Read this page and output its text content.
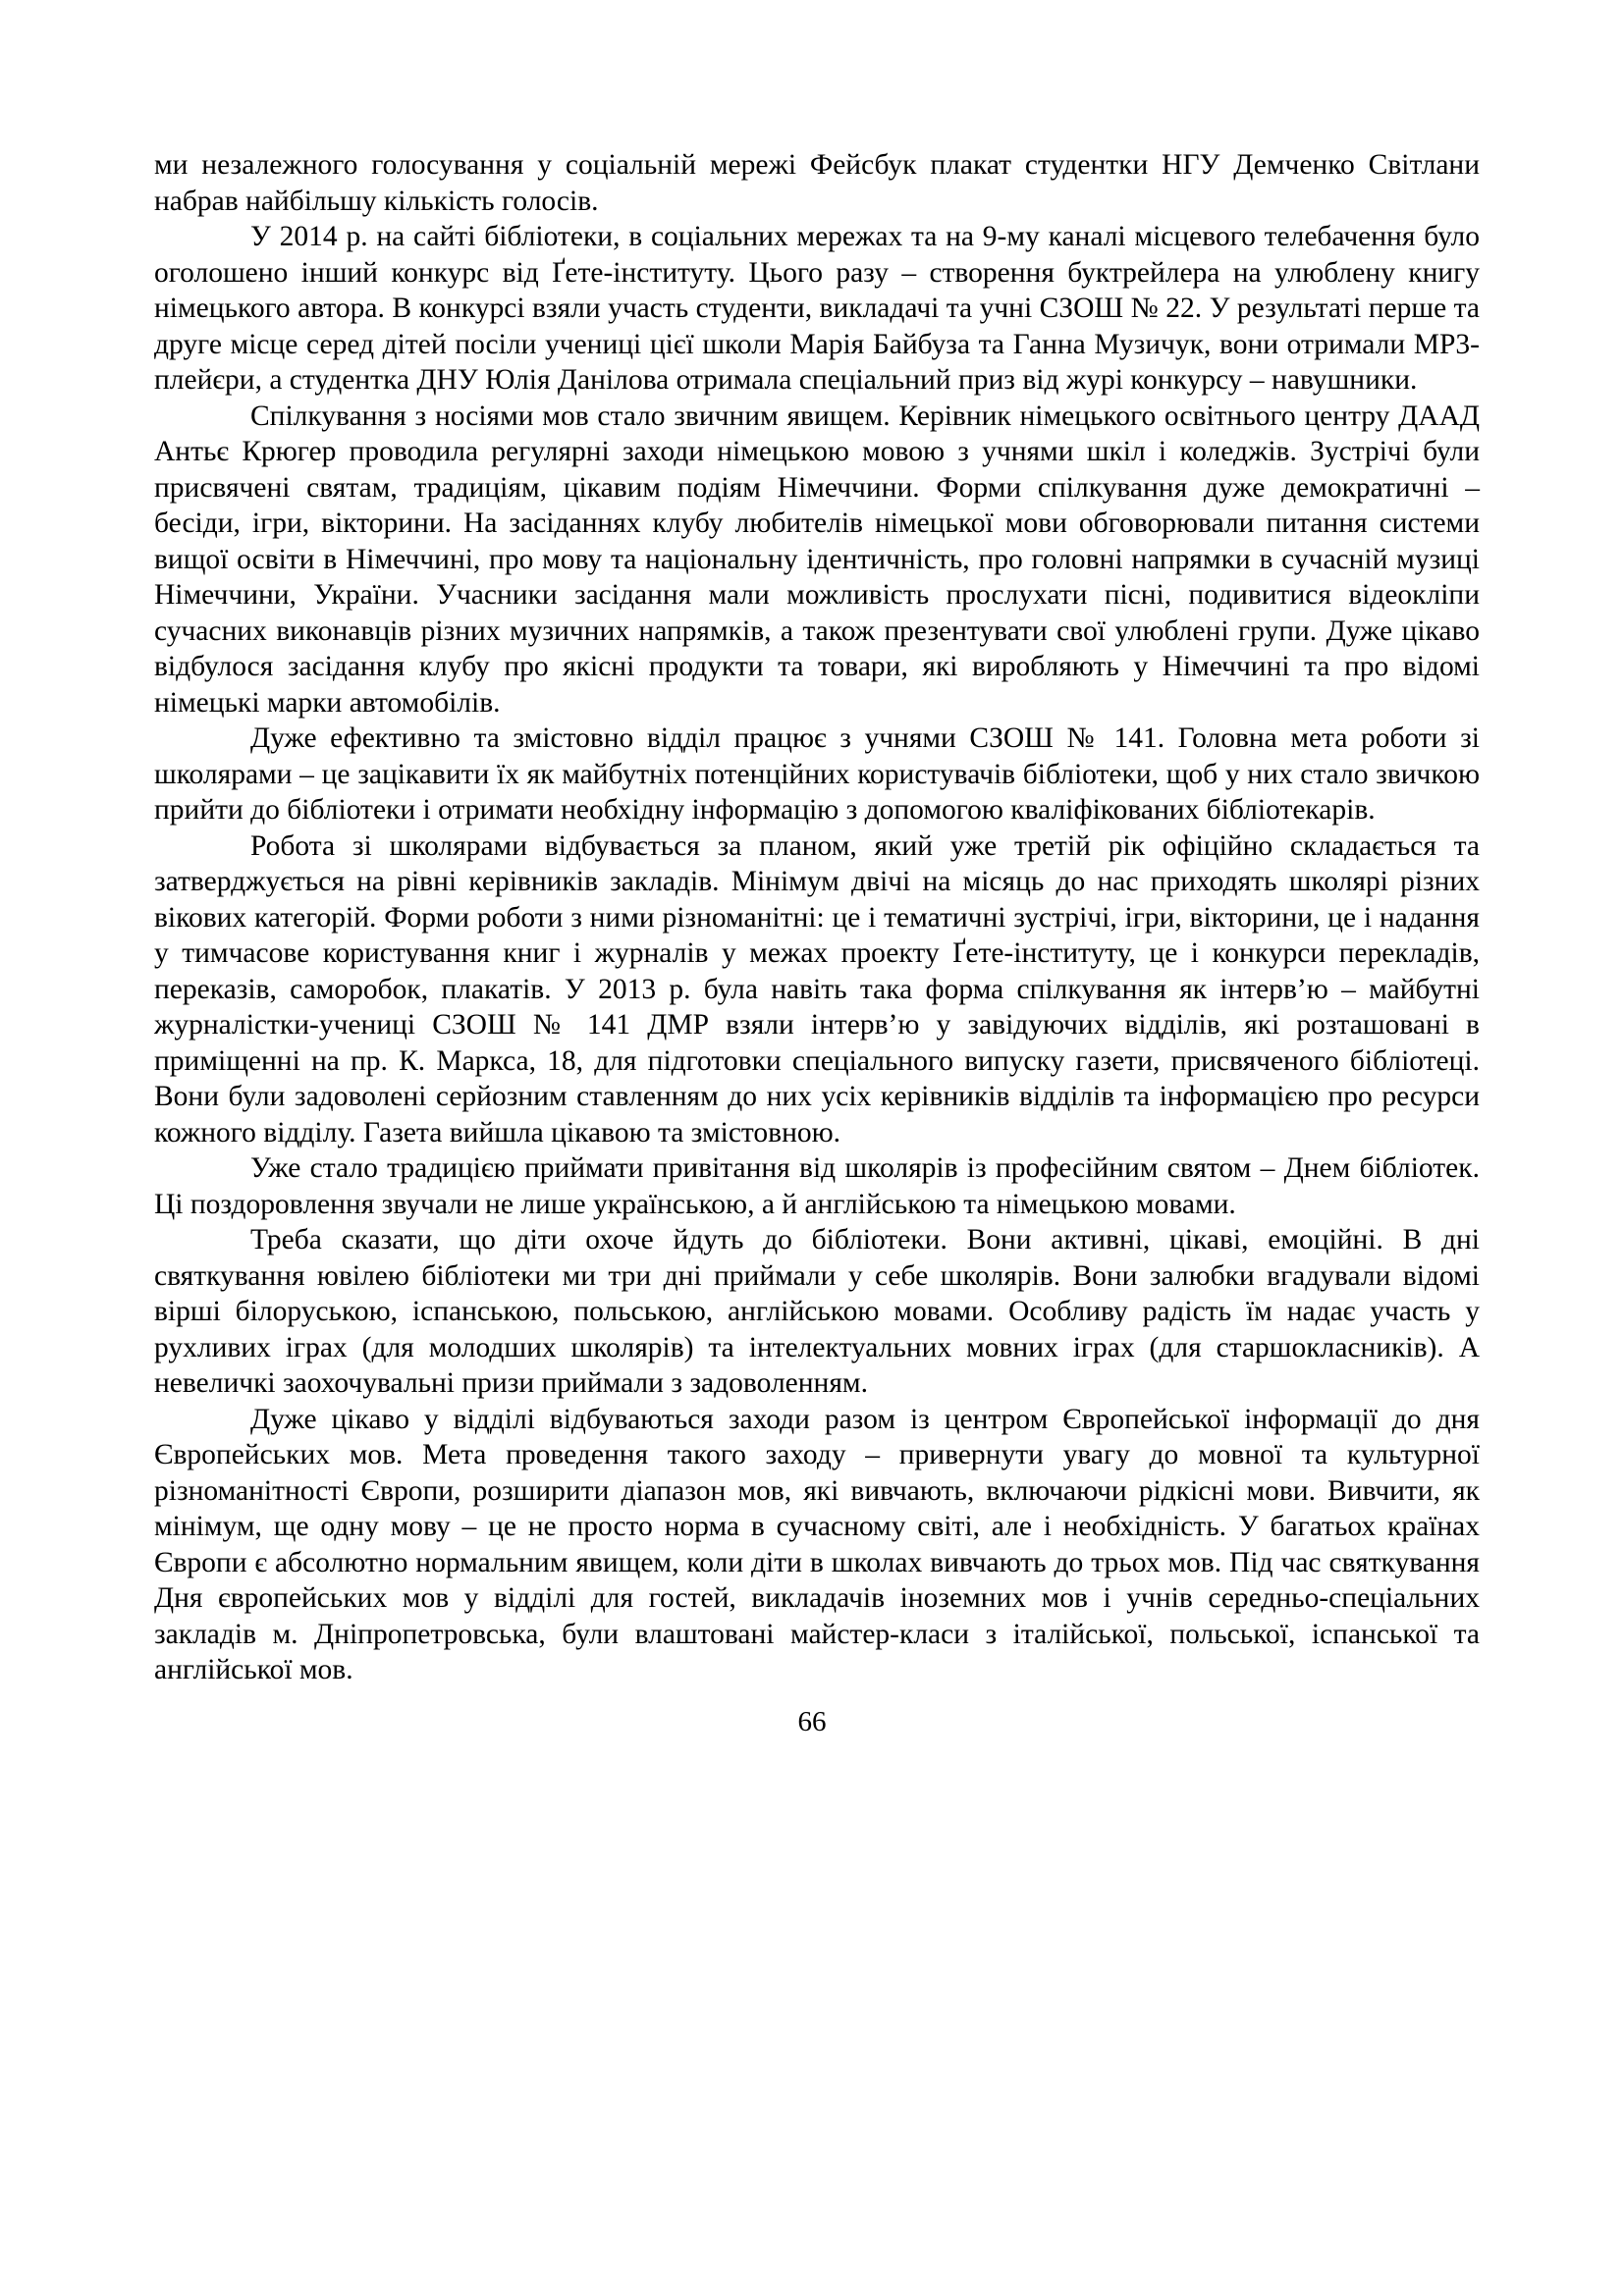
ми незалежного голосування у соціальній мережі Фейсбук плакат студентки НГУ Демченко Світлани набрав найбільшу кількість голосів.

У 2014 р. на сайті бібліотеки, в соціальних мережах та на 9-му каналі місцевого телебачення було оголошено інший конкурс від Ґете-інституту. Цього разу – створення буктрейлера на улюблену книгу німецького автора. В конкурсі взяли участь студенти, викладачі та учні СЗОШ № 22. У результаті перше та друге місце серед дітей посіли учениці цієї школи Марія Байбуза та Ганна Музичук, вони отримали МР3-плейєри, а студентка ДНУ Юлія Данілова отримала спеціальний приз від журі конкурсу – навушники.

Спілкування з носіями мов стало звичним явищем. Керівник німецького освітнього центру ДААД Антьє Крюгер проводила регулярні заходи німецькою мовою з учнями шкіл і коледжів. Зустрічі були присвячені святам, традиціям, цікавим подіям Німеччини. Форми спілкування дуже демократичні – бесіди, ігри, вікторини. На засіданнях клубу любителів німецької мови обговорювали питання системи вищої освіти в Німеччині, про мову та національну ідентичність, про головні напрямки в сучасній музиці Німеччини, України. Учасники засідання мали можливість прослухати пісні, подивитися відеокліпи сучасних виконавців різних музичних напрямків, а також презентувати свої улюблені групи. Дуже цікаво відбулося засідання клубу про якісні продукти та товари, які виробляють у Німеччині та про відомі німецькі марки автомобілів.

Дуже ефективно та змістовно відділ працює з учнями СЗОШ № 141. Головна мета роботи зі школярами – це зацікавити їх як майбутніх потенційних користувачів бібліотеки, щоб у них стало звичкою прийти до бібліотеки і отримати необхідну інформацію з допомогою кваліфікованих бібліотекарів.

Робота зі школярами відбувається за планом, який уже третій рік офіційно складається та затверджується на рівні керівників закладів. Мінімум двічі на місяць до нас приходять школярі різних вікових категорій. Форми роботи з ними різноманітні: це і тематичні зустрічі, ігри, вікторини, це і надання у тимчасове користування книг і журналів у межах проекту Ґете-інституту, це і конкурси перекладів, переказів, саморобок, плакатів. У 2013 р. була навіть така форма спілкування як інтерв’ю – майбутні журналістки-учениці СЗОШ № 141 ДМР взяли інтерв’ю у завідуючих відділів, які розташовані в приміщенні на пр. К. Маркса, 18, для підготовки спеціального випуску газети, присвяченого бібліотеці. Вони були задоволені серйозним ставленням до них усіх керівників відділів та інформацією про ресурси кожного відділу. Газета вийшла цікавою та змістовною.

Уже стало традицією приймати привітання від школярів із професійним святом – Днем бібліотек. Ці поздоровлення звучали не лише українською, а й англійською та німецькою мовами.

Треба сказати, що діти охоче йдуть до бібліотеки. Вони активні, цікаві, емоційні. В дні святкування ювілею бібліотеки ми три дні приймали у себе школярів. Вони залюбки вгадували відомі вірші білоруською, іспанською, польською, англійською мовами. Особливу радість їм надає участь у рухливих іграх (для молодших школярів) та інтелектуальних мовних іграх (для старшокласників). А невеличкі заохочувальні призи приймали з задоволенням.

Дуже цікаво у відділі відбуваються заходи разом із центром Європейської інформації до дня Європейських мов. Мета проведення такого заходу – привернути увагу до мовної та культурної різноманітності Європи, розширити діапазон мов, які вивчають, включаючи рідкісні мови. Вивчити, як мінімум, ще одну мову – це не просто норма в сучасному світі, але і необхідність. У багатьох країнах Європи є абсолютно нормальним явищем, коли діти в школах вивчають до трьох мов. Під час святкування Дня європейських мов у відділі для гостей, викладачів іноземних мов і учнів середньо-спеціальних закладів м. Дніпропетровська, були влаштовані майстер-класи з італійської, польської, іспанської та англійської мов.

66
